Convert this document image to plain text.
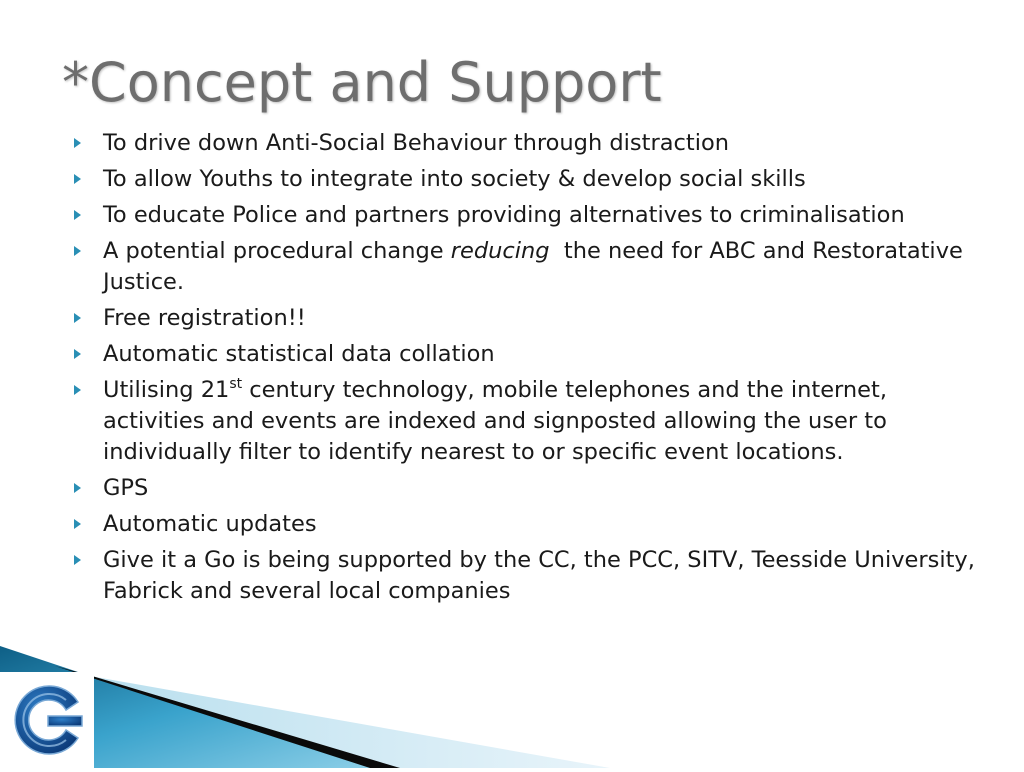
*Concept and Support
To drive down Anti-Social Behaviour through distraction
To allow Youths to integrate into society & develop social skills
To educate Police and partners providing alternatives to criminalisation
A potential procedural change reducing  the need for ABC and Restoratative Justice.
Free registration!!
Automatic statistical data collation
Utilising 21st century technology, mobile telephones and the internet, activities and events are indexed and signposted allowing the user to individually filter to identify nearest to or specific event locations.
GPS
Automatic updates
Give it a Go is being supported by the CC, the PCC, SITV, Teesside University, Fabrick and several local companies
